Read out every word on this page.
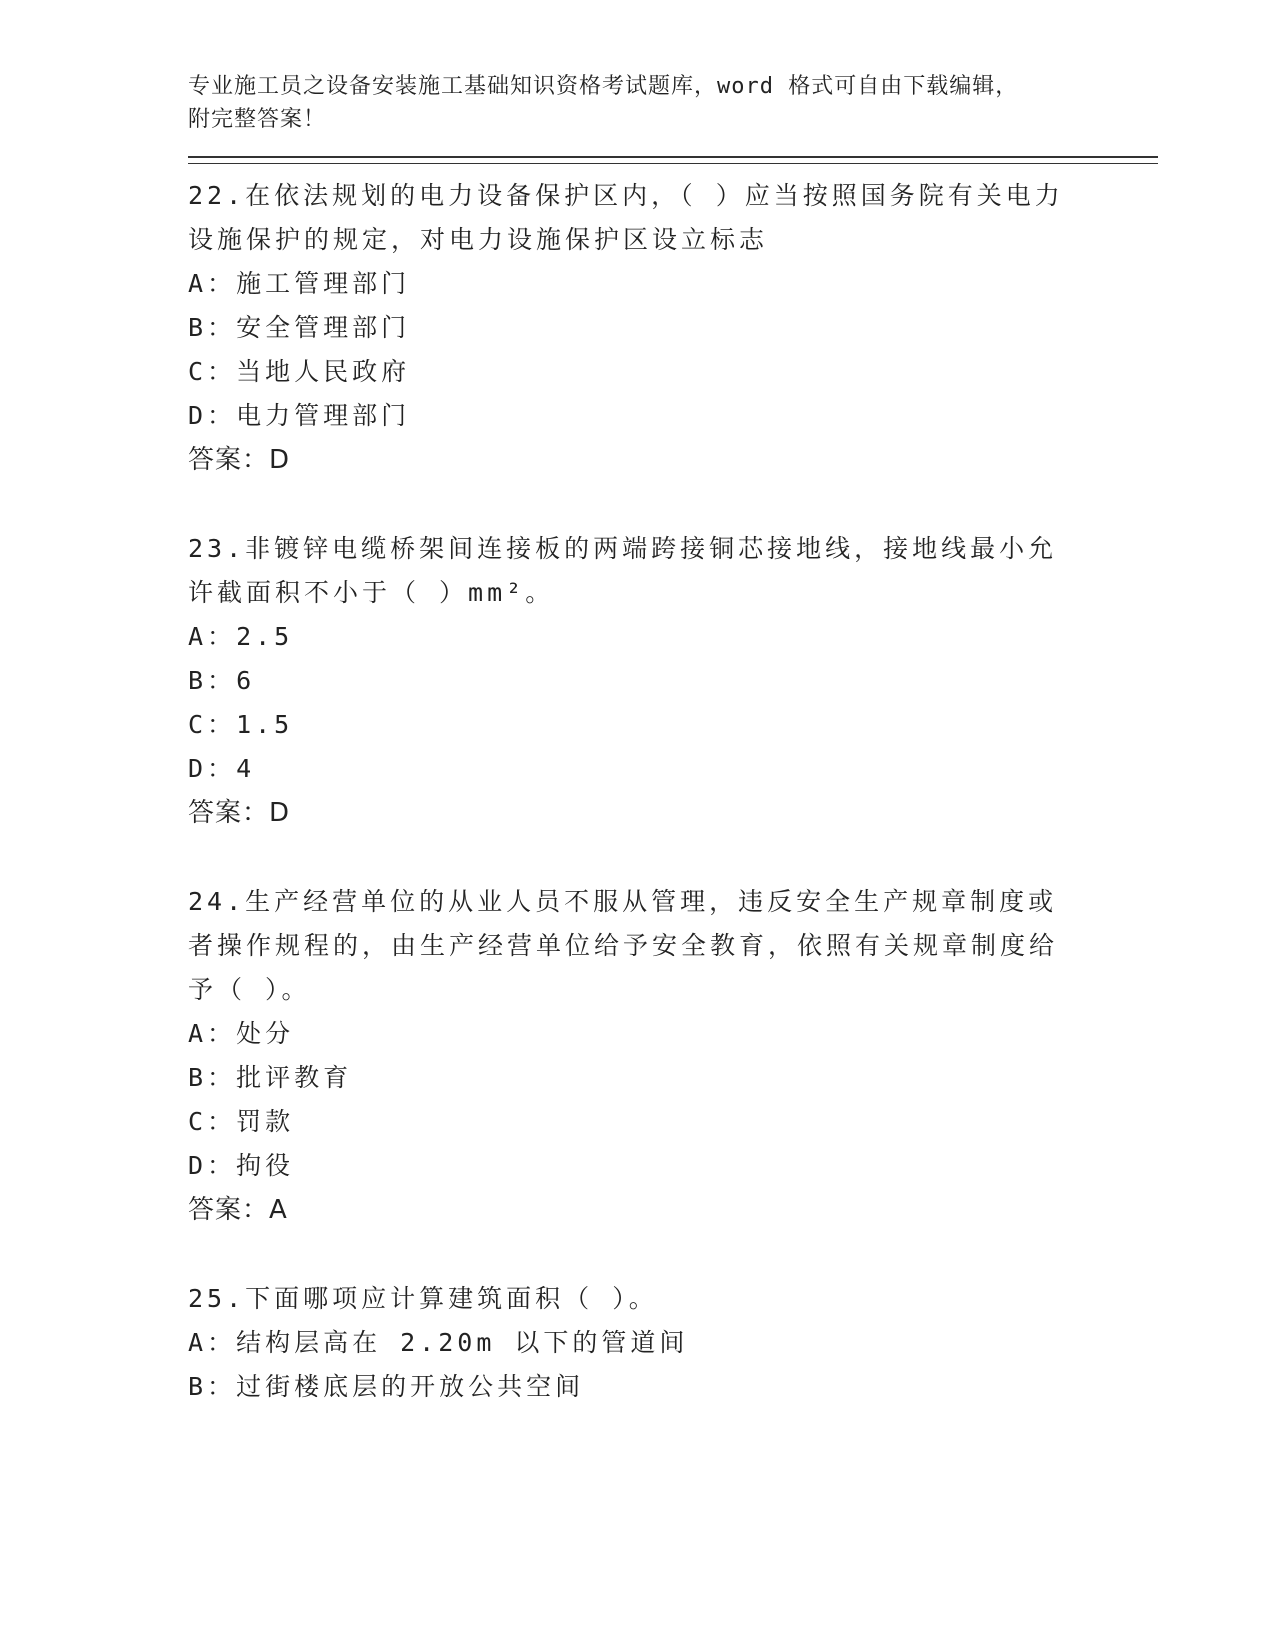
专业施工员之设备安装施工基础知识资格考试题库，word 格式可自由下载编辑，
附完整答案！

22.在依法规划的电力设备保护区内，（ ）应当按照国务院有关电力设施保护的规定，对电力设施保护区设立标志

A：施工管理部门

B：安全管理部门

C：当地人民政府

D：电力管理部门

答案：D

23.非镀锌电缆桥架间连接板的两端跨接铜芯接地线，接地线最小允许截面积不小于（ ）mm²。

A：2.5

B：6

C：1.5

D：4

答案：D

24.生产经营单位的从业人员不服从管理，违反安全生产规章制度或者操作规程的，由生产经营单位给予安全教育，依照有关规章制度给予（ ）。

A：处分

B：批评教育

C：罚款

D：拘役

答案：A

25.下面哪项应计算建筑面积（ ）。

A：结构层高在 2.20m 以下的管道间

B：过街楼底层的开放公共空间
